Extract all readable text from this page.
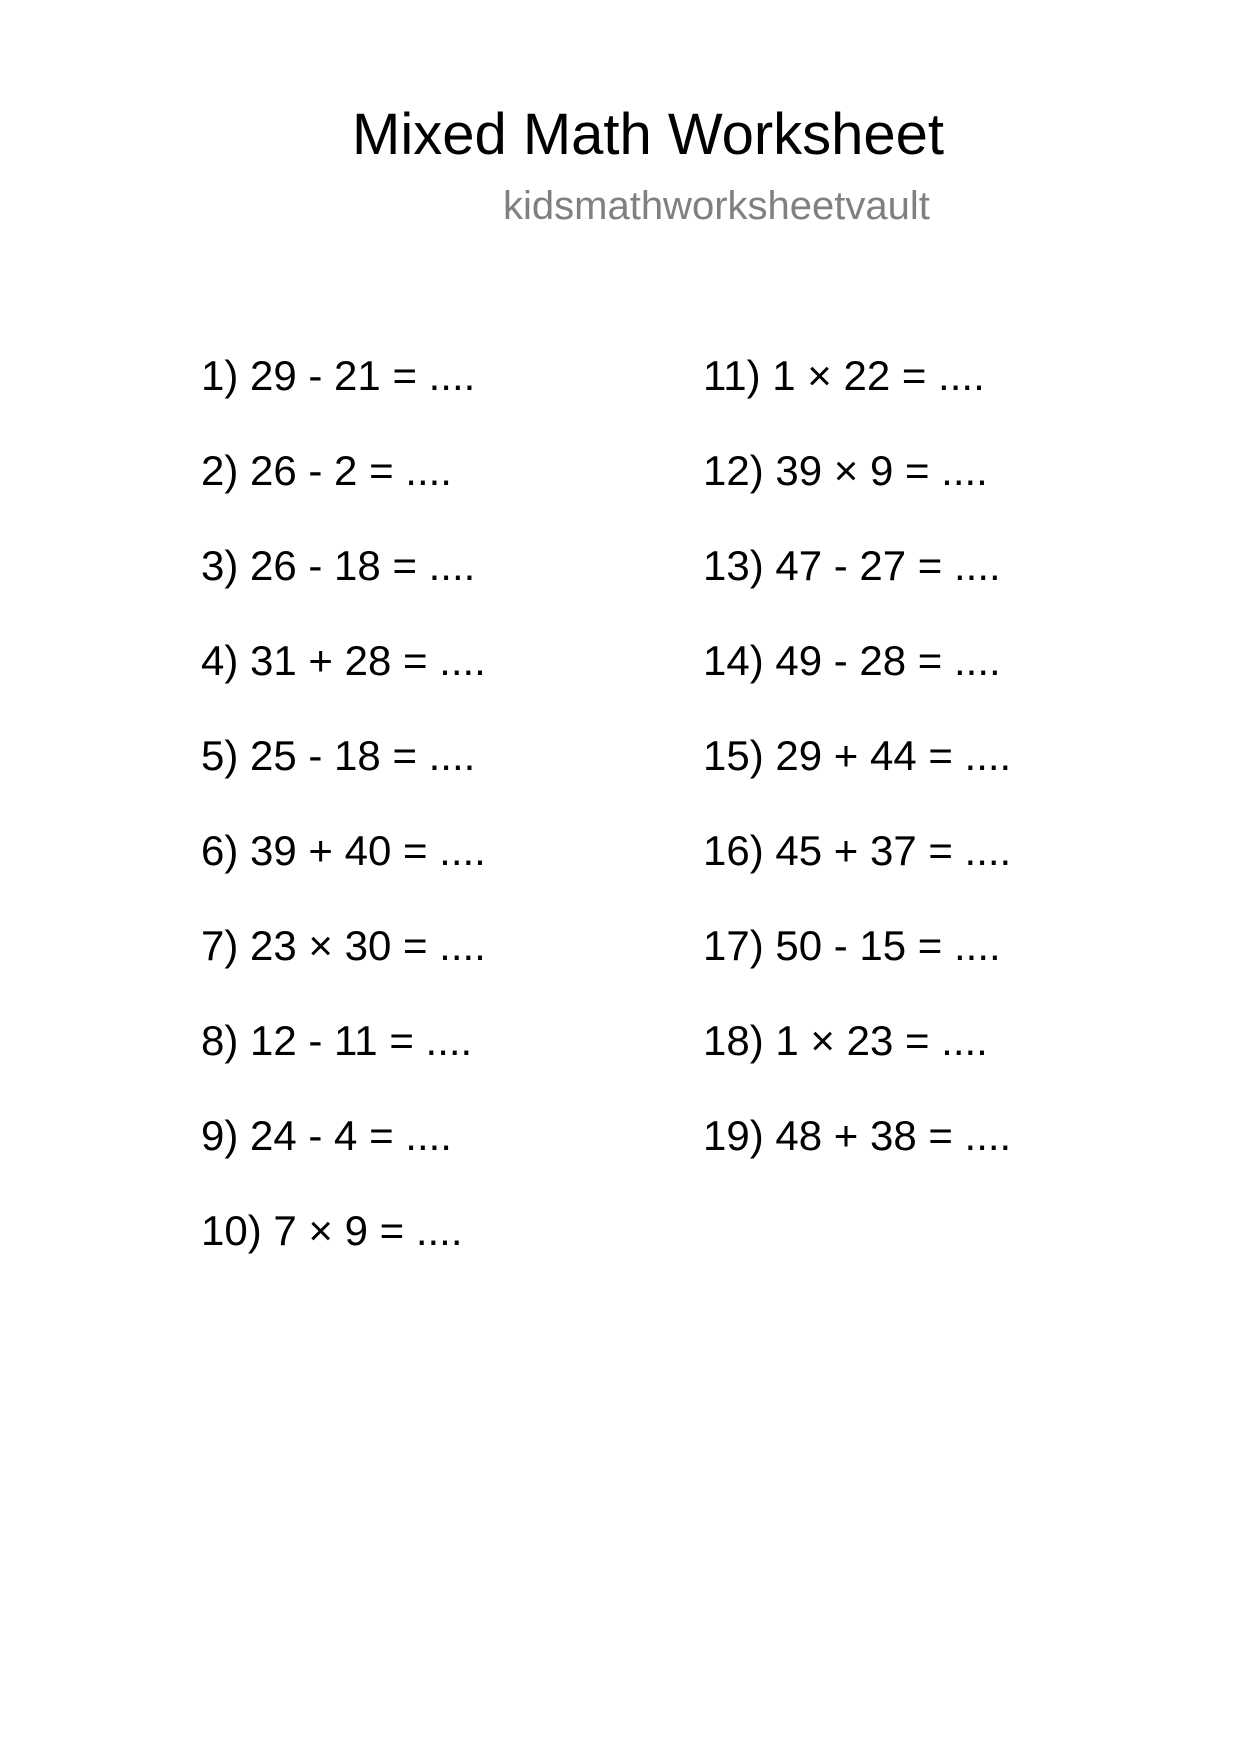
Mixed Math Worksheet
kidsmathworksheetvault
1) 29 - 21 = ....
2) 26 - 2 = ....
3) 26 - 18 = ....
4) 31 + 28 = ....
5) 25 - 18 = ....
6) 39 + 40 = ....
7) 23 × 30 = ....
8) 12 - 11 = ....
9) 24 - 4 = ....
10) 7 × 9 = ....
11) 1 × 22 = ....
12) 39 × 9 = ....
13) 47 - 27 = ....
14) 49 - 28 = ....
15) 29 + 44 = ....
16) 45 + 37 = ....
17) 50 - 15 = ....
18) 1 × 23 = ....
19) 48 + 38 = ....
